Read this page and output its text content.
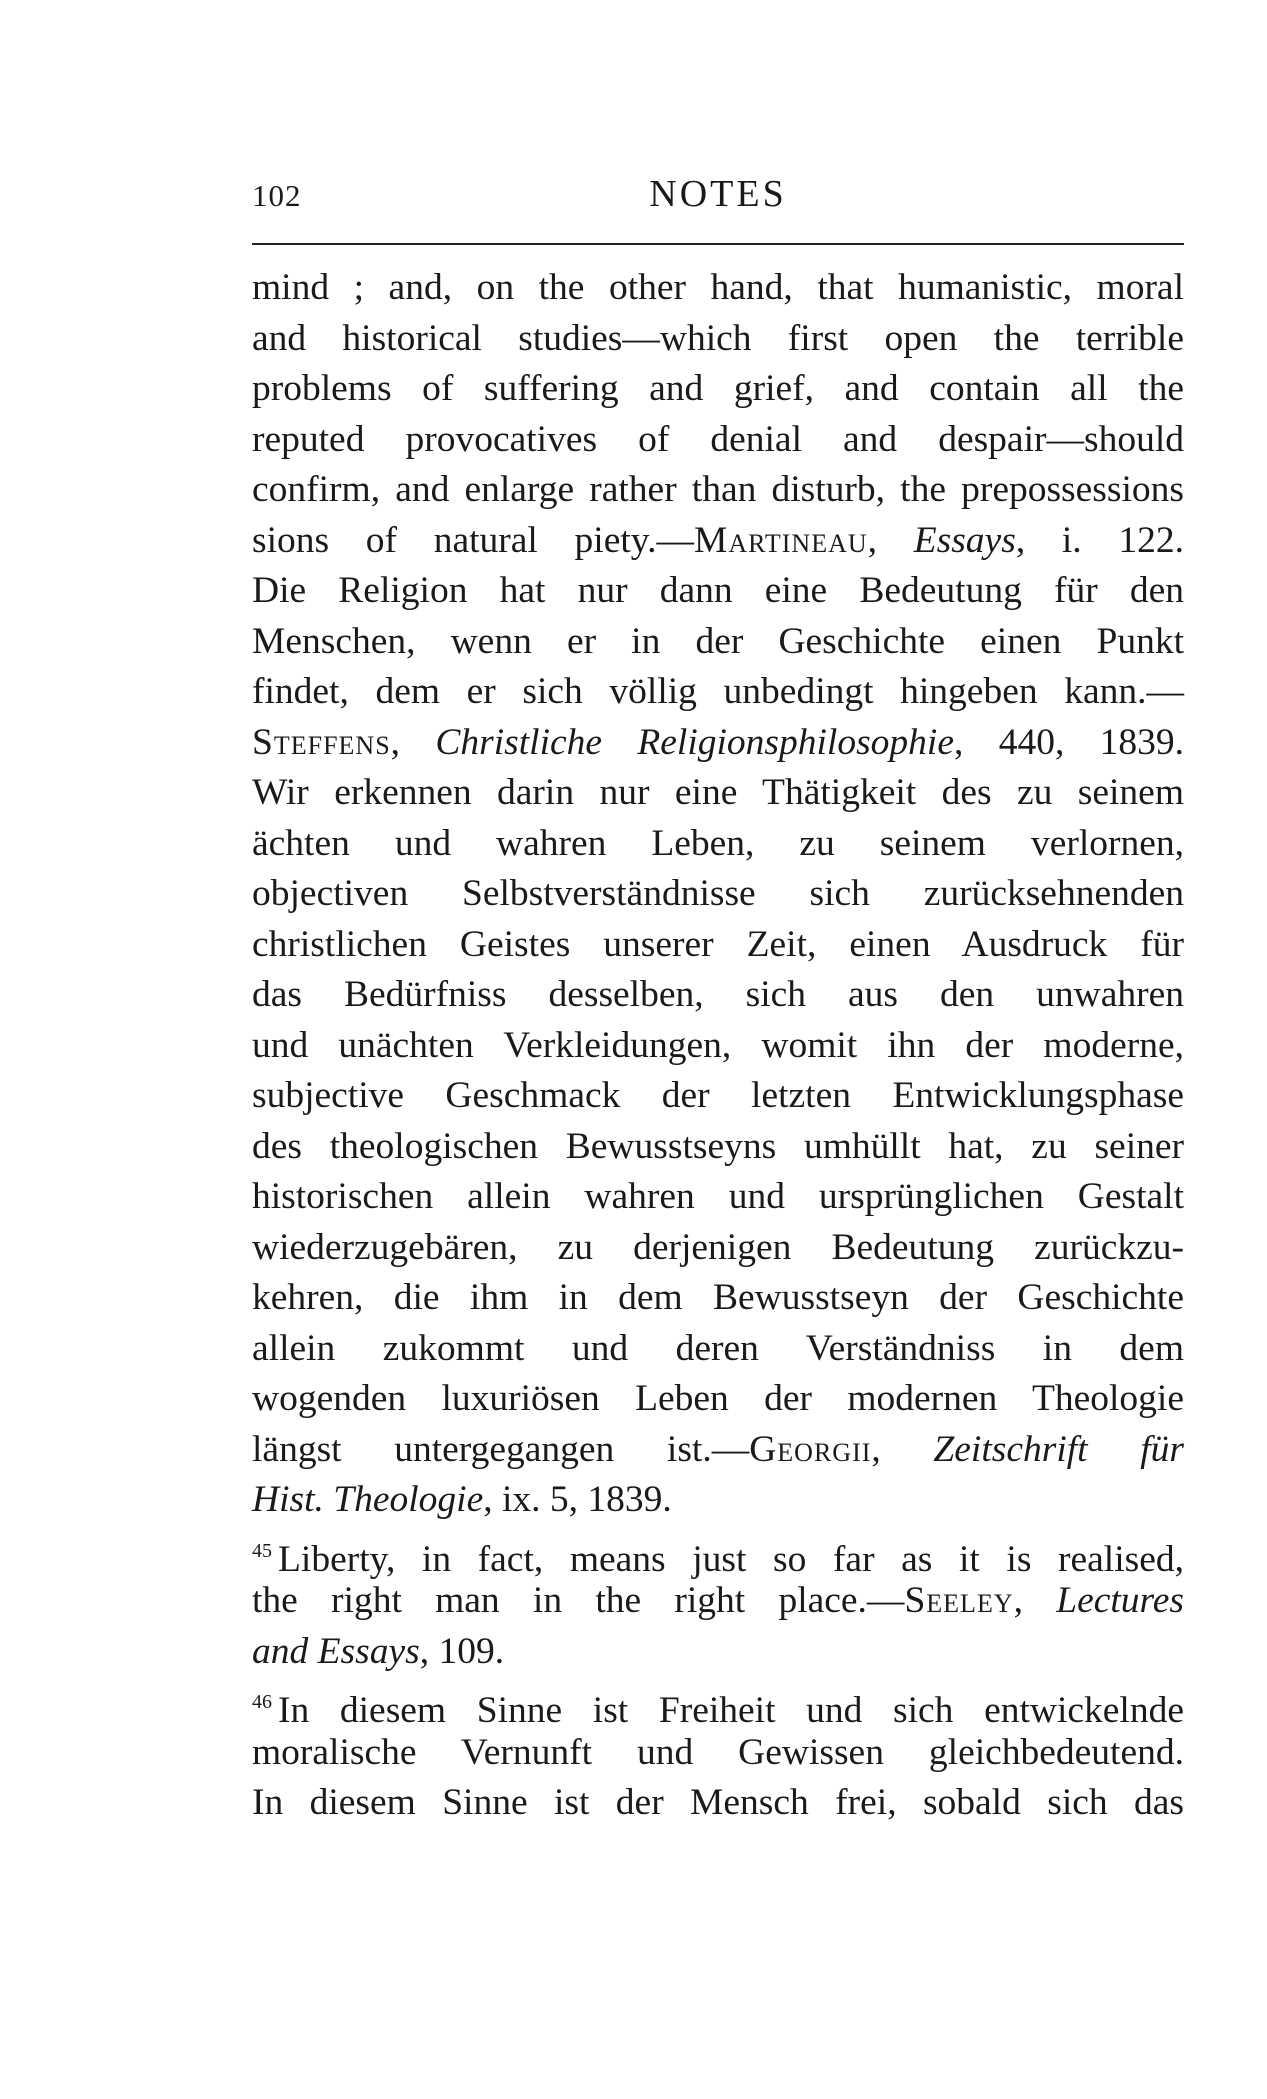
102	NOTES
mind ; and, on the other hand, that humanistic, moral
and historical studies—which first open the terrible
problems of suffering and grief, and contain all the
reputed provocatives of denial and despair—should
confirm, and enlarge rather than disturb, the prepossessions
sions of natural piety.—Martineau, Essays, i. 122.
Die Religion hat nur dann eine Bedeutung für den
Menschen, wenn er in der Geschichte einen Punkt
findet, dem er sich völlig unbedingt hingeben kann.—
Steffens, Christliche Religionsphilosophie, 440, 1839.
Wir erkennen darin nur eine Thätigkeit des zu seinem
ächten und wahren Leben, zu seinem verlornen,
objectiven Selbstverständnisse sich zurücksehnenden
christlichen Geistes unserer Zeit, einen Ausdruck für
das Bedürfniss desselben, sich aus den unwahren
und unächten Verkleidungen, womit ihn der moderne,
subjective Geschmack der letzten Entwicklungsphase
des theologischen Bewusstseyns umhüllt hat, zu seiner
historischen allein wahren und ursprünglichen Gestalt
wiederzugebären, zu derjenigen Bedeutung zurückzu-
kehren, die ihm in dem Bewusstseyn der Geschichte
allein zukommt und deren Verständniss in dem
wogenden luxuriösen Leben der modernen Theologie
längst untergegangen ist.—Georgii, Zeitschrift für
Hist. Theologie, ix. 5, 1839.
$^{45}$ Liberty, in fact, means just so far as it is realised,
the right man in the right place.—Seeley, Lectures
and Essays, 109.
$^{46}$ In diesem Sinne ist Freiheit und sich entwickelnde
moralische Vernunft und Gewissen gleichbedeutend.
In diesem Sinne ist der Mensch frei, sobald sich das
